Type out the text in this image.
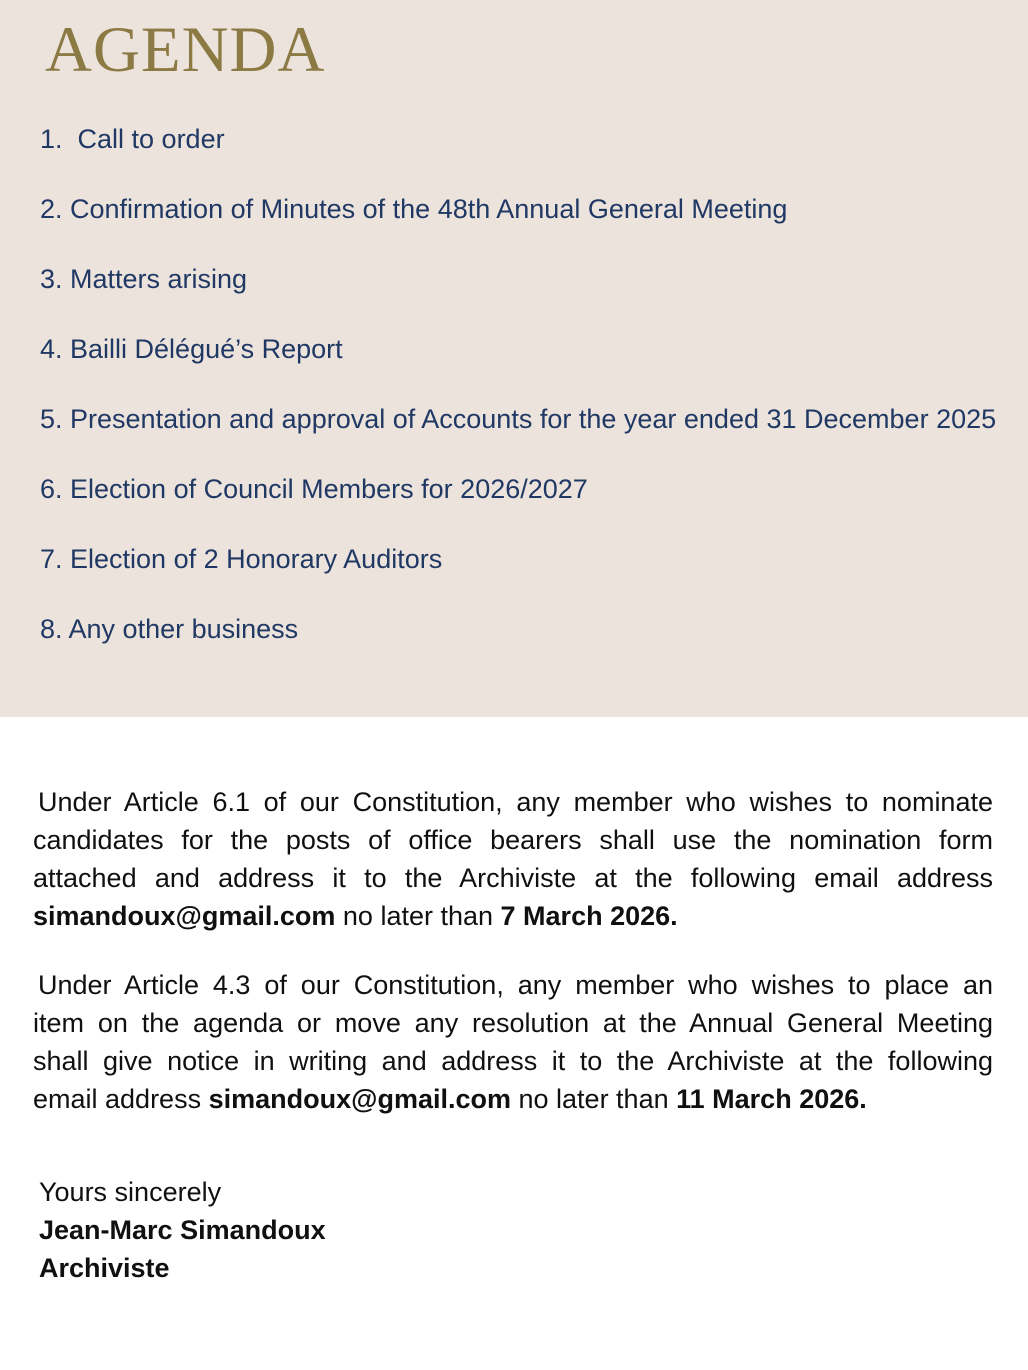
AGENDA
1.  Call to order
2. Confirmation of Minutes of the 48th Annual General Meeting
3. Matters arising
4. Bailli Délégué’s Report
5. Presentation and approval of Accounts for the year ended 31 December 2025
6. Election of Council Members for 2026/2027
7. Election of 2 Honorary Auditors
8. Any other business

Under Article 6.1 of our Constitution, any member who wishes to nominate
candidates for the posts of office bearers shall use the nomination form
attached and address it to the Archiviste at the following email address
simandoux@gmail.com no later than 7 March 2026.

Under Article 4.3 of our Constitution, any member who wishes to place an
item on the agenda or move any resolution at the Annual General Meeting
shall give notice in writing and address it to the Archiviste at the following
email address simandoux@gmail.com no later than 11 March 2026.

Yours sincerely
Jean-Marc Simandoux
Archiviste
